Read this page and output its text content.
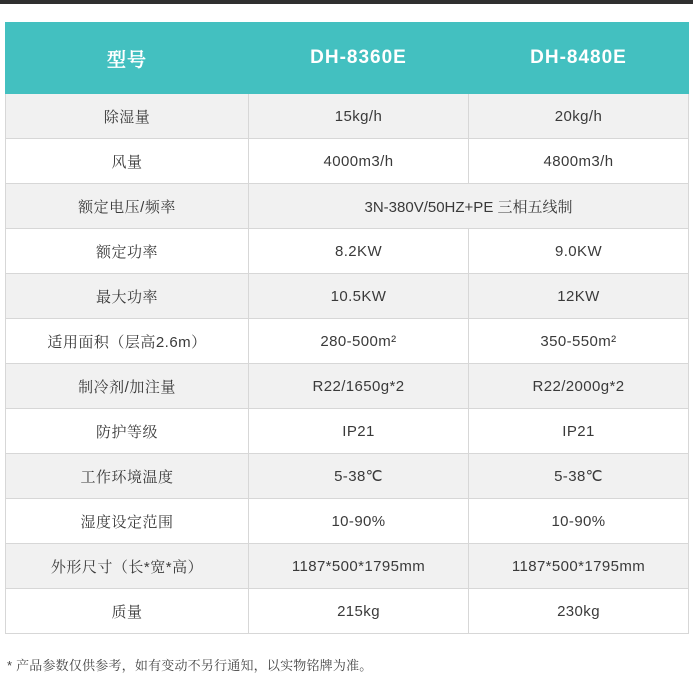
型号	DH-8360E	DH-8480E
除湿量	15kg/h	20kg/h
风量	4000m3/h	4800m3/h
额定电压/频率	3N-380V/50HZ+PE 三相五线制	
额定功率	8.2KW	9.0KW
最大功率	10.5KW	12KW
适用面积（层高2.6m）	280-500m²	350-550m²
制冷剂/加注量	R22/1650g*2	R22/2000g*2
防护等级	IP21	IP21
工作环境温度	5-38℃	5-38℃
湿度设定范围	10-90%	10-90%
外形尺寸（长*宽*高）	1187*500*1795mm	1187*500*1795mm
质量	215kg	230kg
* 产品参数仅供参考，如有变动不另行通知，以实物铭牌为准。
